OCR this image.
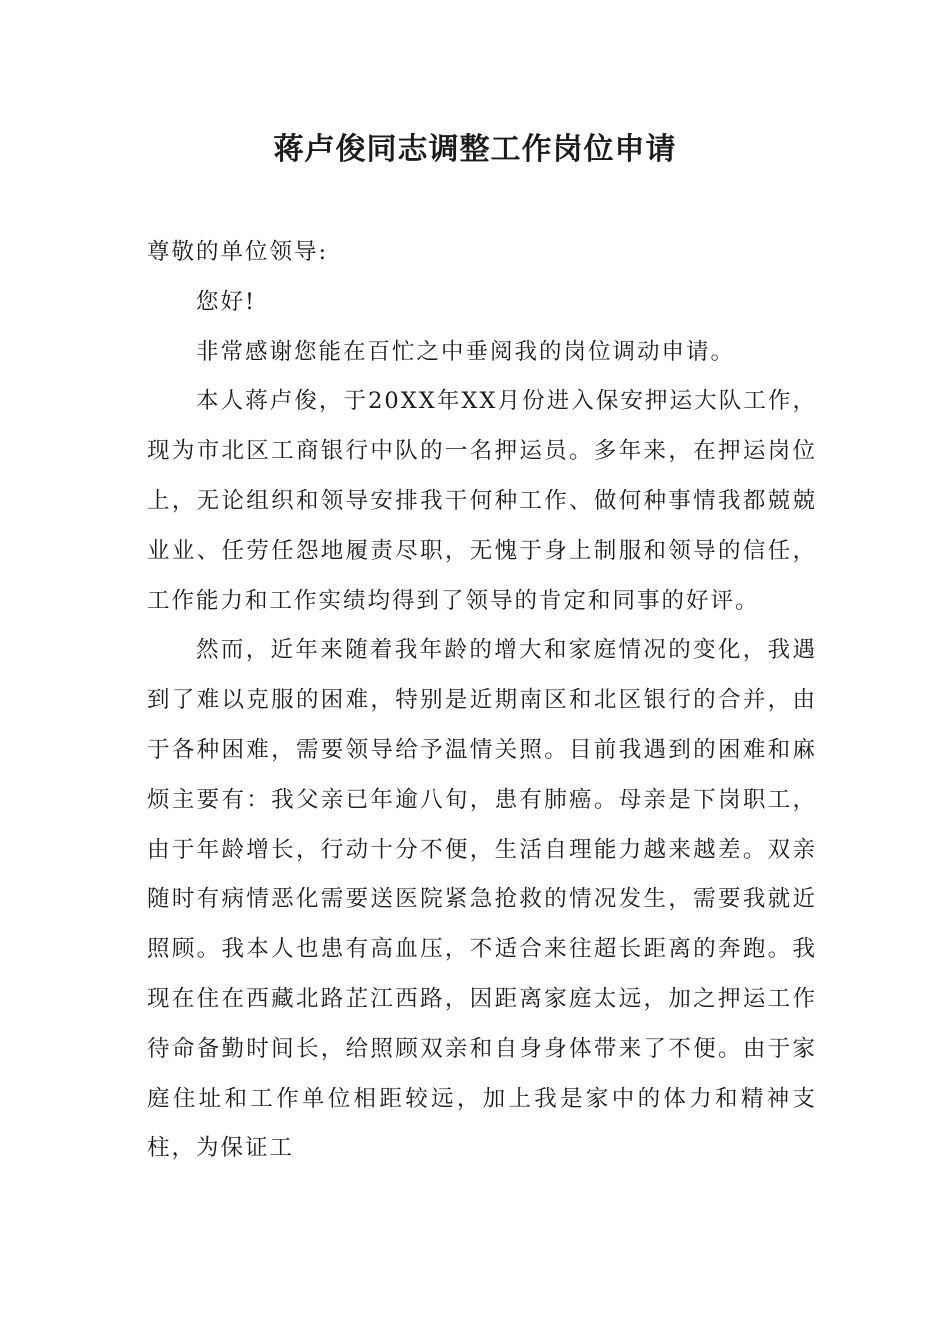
蒋卢俊同志调整工作岗位申请

尊敬的单位领导:

您好!

非常感谢您能在百忙之中垂阅我的岗位调动申请。

本人蒋卢俊，于20XX年XX月份进入保安押运大队工作，现为市北区工商银行中队的一名押运员。多年来，在押运岗位上，无论组织和领导安排我干何种工作、做何种事情我都兢兢业业、任劳任怨地履责尽职，无愧于身上制服和领导的信任，工作能力和工作实绩均得到了领导的肯定和同事的好评。

然而，近年来随着我年龄的增大和家庭情况的变化，我遇到了难以克服的困难，特别是近期南区和北区银行的合并，由于各种困难，需要领导给予温情关照。目前我遇到的困难和麻烦主要有：我父亲已年逾八旬，患有肺癌。母亲是下岗职工，由于年龄增长，行动十分不便，生活自理能力越来越差。双亲随时有病情恶化需要送医院紧急抢救的情况发生，需要我就近照顾。我本人也患有高血压，不适合来往超长距离的奔跑。我现在住在西藏北路芷江西路，因距离家庭太远，加之押运工作待命备勤时间长，给照顾双亲和自身身体带来了不便。由于家庭住址和工作单位相距较远，加上我是家中的体力和精神支柱，为保证工
